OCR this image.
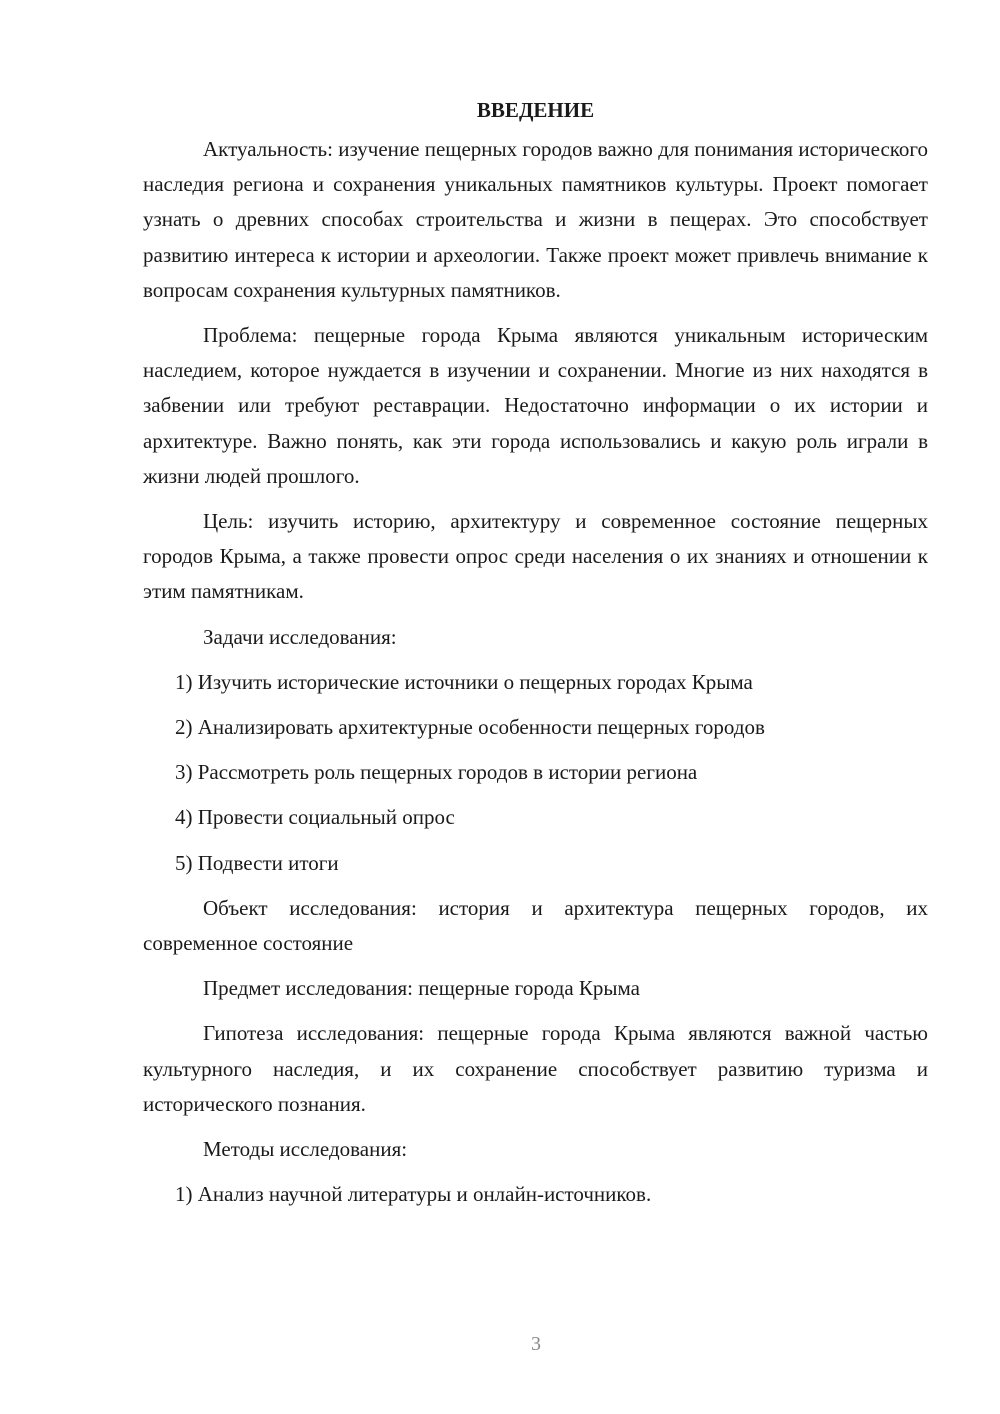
ВВЕДЕНИЕ

Актуальность: изучение пещерных городов важно для понимания исторического наследия региона и сохранения уникальных памятников культуры. Проект помогает узнать о древних способах строительства и жизни в пещерах. Это способствует развитию интереса к истории и археологии. Также проект может привлечь внимание к вопросам сохранения культурных памятников.

Проблема: пещерные города Крыма являются уникальным историческим наследием, которое нуждается в изучении и сохранении. Многие из них находятся в забвении или требуют реставрации. Недостаточно информации о их истории и архитектуре. Важно понять, как эти города использовались и какую роль играли в жизни людей прошлого.

Цель: изучить историю, архитектуру и современное состояние пещерных городов Крыма, а также провести опрос среди населения о их знаниях и отношении к этим памятникам.

Задачи исследования:

1) Изучить исторические источники о пещерных городах Крыма
2) Анализировать архитектурные особенности пещерных городов
3) Рассмотреть роль пещерных городов в истории региона
4) Провести социальный опрос
5) Подвести итоги

Объект исследования: история и архитектура пещерных городов, их современное состояние

Предмет исследования: пещерные города Крыма

Гипотеза исследования: пещерные города Крыма являются важной частью культурного наследия, и их сохранение способствует развитию туризма и исторического познания.

Методы исследования:

1) Анализ научной литературы и онлайн-источников.
3
